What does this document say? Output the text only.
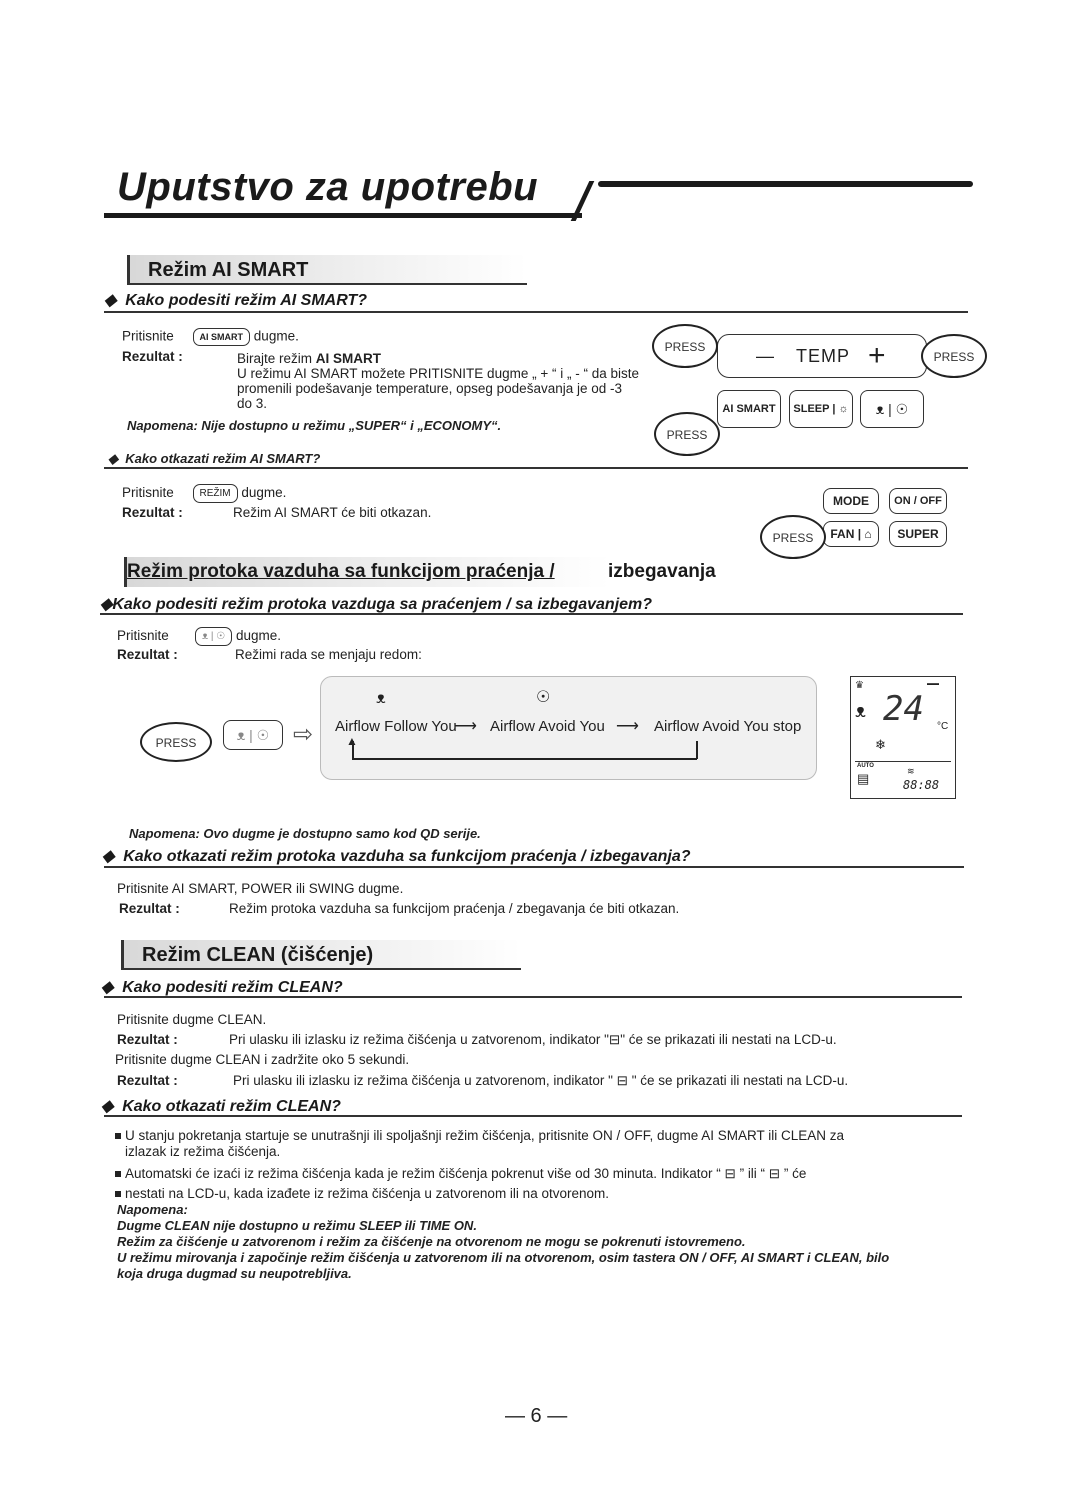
Uputstvo za upotrebu
Režim AI SMART
◆ Kako podesiti režim AI SMART?
Pritisnite	AI SMART dugme.
Rezultat :	Birajte režim AI SMART
U režimu AI SMART možete PRITISNITE dugme „ + “ i „ - “ da biste
promenili podešavanje temperature, opseg podešavanja je od -3
do 3.
Napomena: Nije dostupno u režimu „SUPER“ i „ECONOMY“.
◆ Kako otkazati režim AI SMART?
Pritisnite	REŽIM dugme.
Rezultat :	Režim AI SMART će biti otkazan.
— TEMP +
PRESS
PRESS
AI SMART	SLEEP | ☼	ᴥ | ☉
PRESS
MODE	ON / OFF
FAN | ⌂	SUPER
PRESS
Režim protoka vazduha sa funkcijom praćenja /	izbegavanja
◆Kako podesiti režim protoka vazduga sa praćenjem / sa izbegavanjem?
Pritisnite	ᴥ | ☉ dugme.
Rezultat :	Režimi rada se menjaju redom:
PRESS	ᴥ | ☉ ⇨
ᴥ	☉
Airflow Follow You
⟶ Airflow Avoid You ⟶ Airflow Avoid You stop
▲
♛	▬▬
ᴥ 24 °C
❄
AUTO
▤	≋
88:88
Napomena: Ovo dugme je dostupno samo kod QD serije.
◆ Kako otkazati režim protoka vazduha sa funkcijom praćenja / izbegavanja?
Pritisnite AI SMART, POWER ili SWING dugme.
Rezultat :	Režim protoka vazduha sa funkcijom praćenja / zbegavanja će biti otkazan.
Režim CLEAN (čišćenje)
◆ Kako podesiti režim CLEAN?
Pritisnite dugme CLEAN.
Rezultat :	Pri ulasku ili izlasku iz režima čišćenja u zatvorenom, indikator "⊟" će se prikazati ili nestati na LCD-u.
Pritisnite dugme CLEAN i zadržite oko 5 sekundi.
Rezultat :	Pri ulasku ili izlasku iz režima čišćenja u zatvorenom, indikator " ⊟ " će se prikazati ili nestati na LCD-u.
◆ Kako otkazati režim CLEAN?
U stanju pokretanja startuje se unutrašnji ili spoljašnji režim čišćenja, pritisnite ON / OFF, dugme AI SMART ili CLEAN za
izlazak iz režima čišćenja.
Automatski će izaći iz režima čišćenja kada je režim čišćenja pokrenut više od 30 minuta. Indikator “ ⊟ ” ili “ ⊟ ” će
nestati na LCD-u, kada izađete iz režima čišćenja u zatvorenom ili na otvorenom.
Napomena:
Dugme CLEAN nije dostupno u režimu SLEEP ili TIME ON.
Režim za čišćenje u zatvorenom i režim za čišćenje na otvorenom ne mogu se pokrenuti istovremeno.
U režimu mirovanja i započinje režim čišćenja u zatvorenom ili na otvorenom, osim tastera ON / OFF, AI SMART i CLEAN, bilo
koja druga dugmad su neupotrebljiva.
— 6 —
